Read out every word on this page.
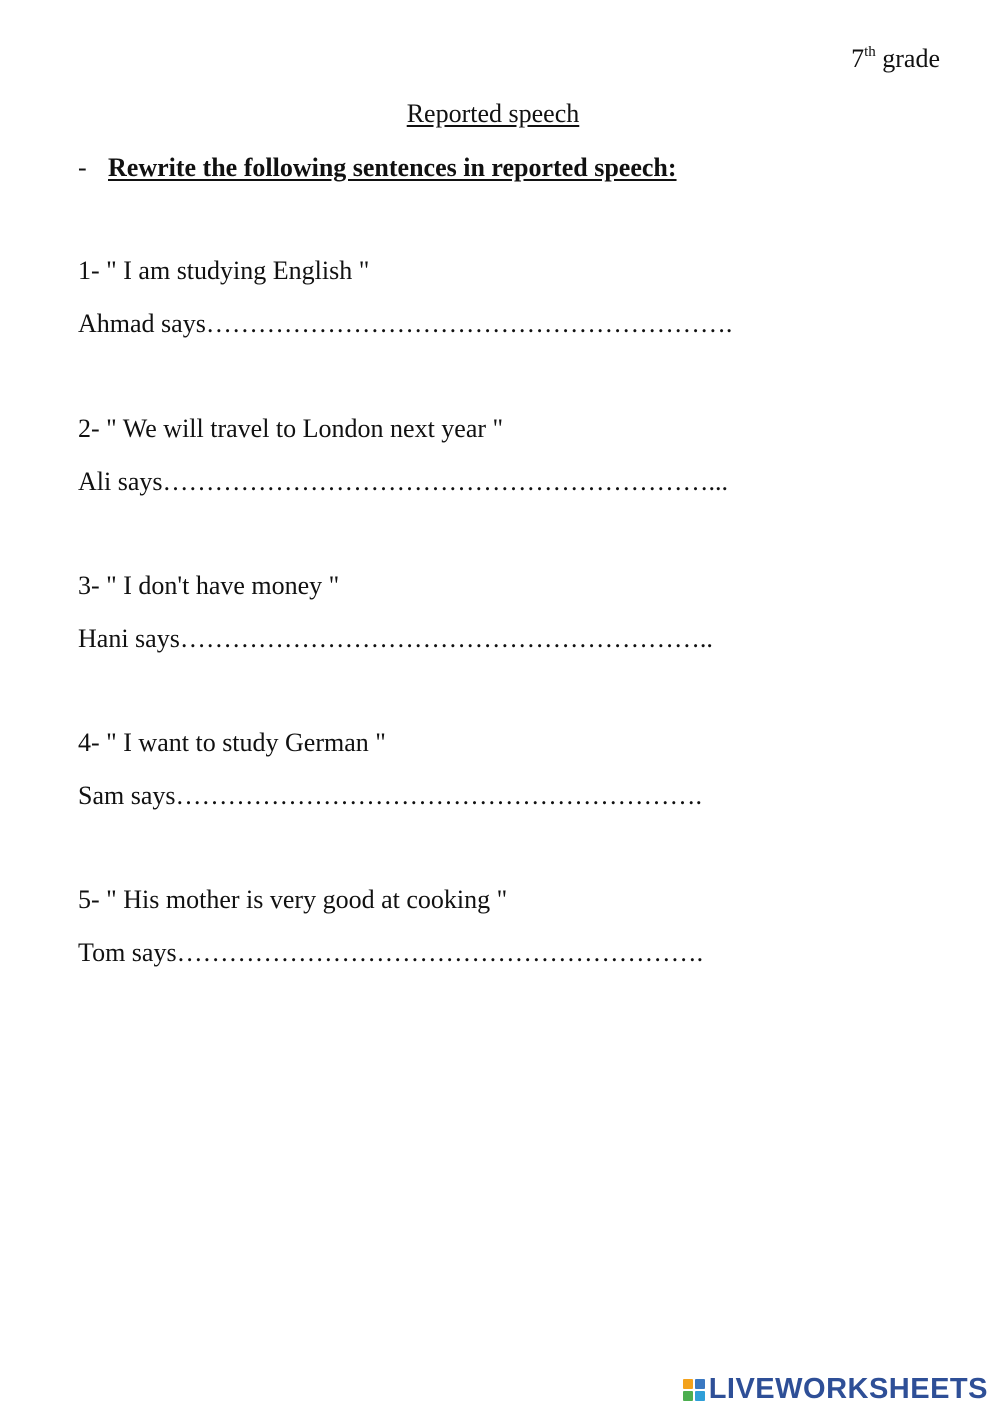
7th grade
Reported speech
- Rewrite the following sentences in reported speech:
1- " I am studying English "
Ahmad says…………………………………………………….
2- " We will travel to London next year "
Ali says………………………………………………………...
3- " I don't have money "
Hani says……………………………………………………..
4- " I want to study German "
Sam says…………………………………………………….
5- " His mother is very good at cooking "
Tom says…………………………………………………….
LIVEWORKSHEETS
